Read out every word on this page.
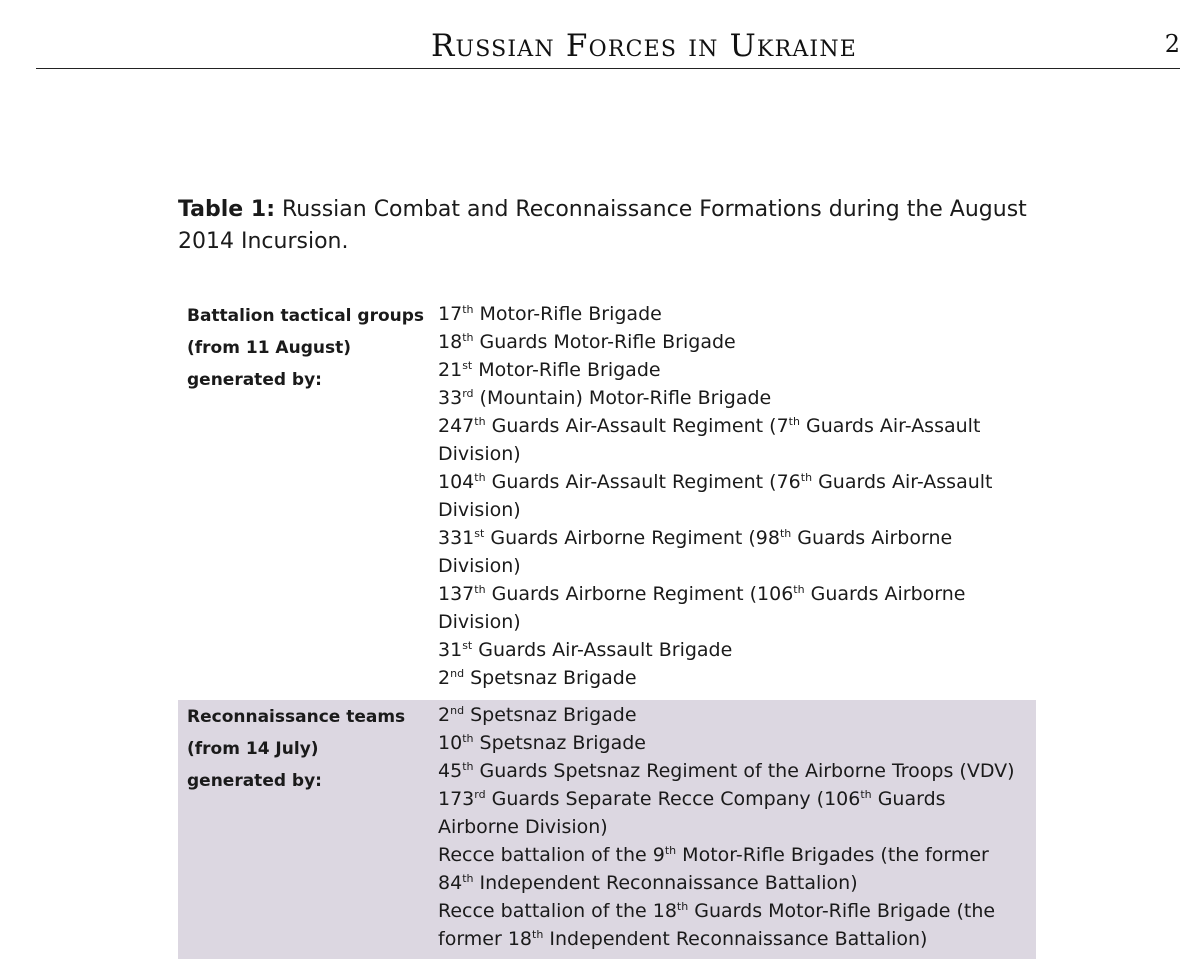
Russian Forces in Ukraine	2
Table 1: Russian Combat and Reconnaissance Formations during the August 2014 Incursion.
Battalion tactical groups
(from 11 August)
generated by:
17th Motor-Rifle Brigade
18th Guards Motor-Rifle Brigade
21st Motor-Rifle Brigade
33rd (Mountain) Motor-Rifle Brigade
247th Guards Air-Assault Regiment (7th Guards Air-Assault Division)
104th Guards Air-Assault Regiment (76th Guards Air-Assault Division)
331st Guards Airborne Regiment (98th Guards Airborne Division)
137th Guards Airborne Regiment (106th Guards Airborne Division)
31st Guards Air-Assault Brigade
2nd Spetsnaz Brigade
Reconnaissance teams
(from 14 July)
generated by:
2nd Spetsnaz Brigade
10th Spetsnaz Brigade
45th Guards Spetsnaz Regiment of the Airborne Troops (VDV)
173rd Guards Separate Recce Company (106th Guards Airborne Division)
Recce battalion of the 9th Motor-Rifle Brigades (the former 84th Independent Reconnaissance Battalion)
Recce battalion of the 18th Guards Motor-Rifle Brigade (the former 18th Independent Reconnaissance Battalion)
